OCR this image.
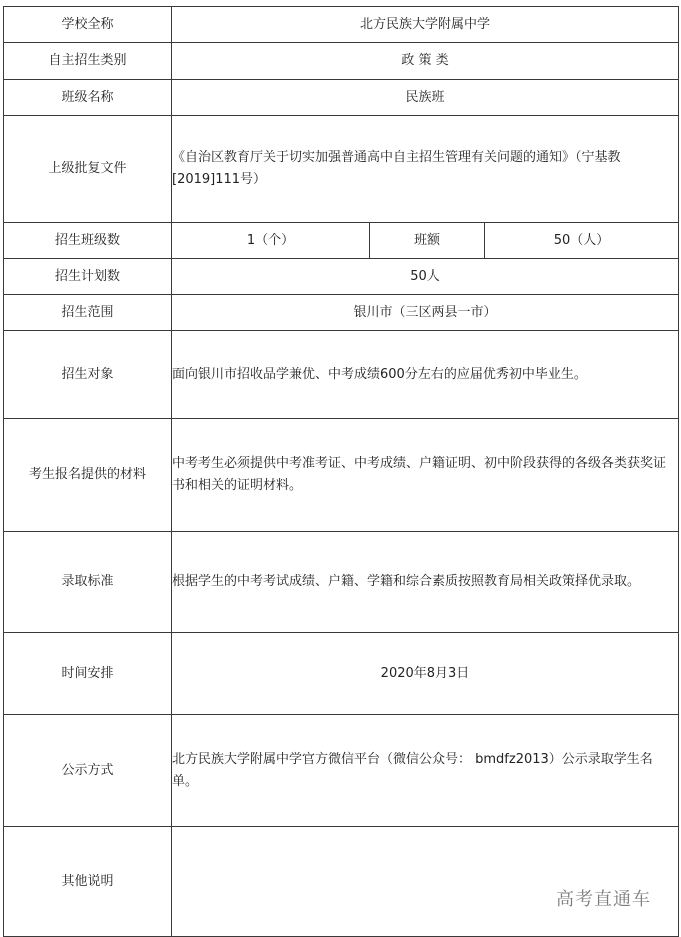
学校全称	北方民族大学附属中学		
自主招生类别	政 策 类		
班级名称	民族班		
上级批复文件	《自治区教育厅关于切实加强普通高中自主招生管理有关问题的通知》（宁基教[2019]111号）		
招生班级数	1（个）	班额	50（人）
招生计划数	50人		
招生范围	银川市（三区两县一市）		
招生对象	面向银川市招收品学兼优、中考成绩600分左右的应届优秀初中毕业生。		
考生报名提供的材料	中考考生必须提供中考准考证、中考成绩、户籍证明、初中阶段获得的各级各类获奖证书和相关的证明材料。		
录取标准	根据学生的中考考试成绩、户籍、学籍和综合素质按照教育局相关政策择优录取。		
时间安排	2020年8月3日		
公示方式	北方民族大学附属中学官方微信平台（微信公众号： bmdfz2013）公示录取学生名单。		
其他说明			
高考直通车
